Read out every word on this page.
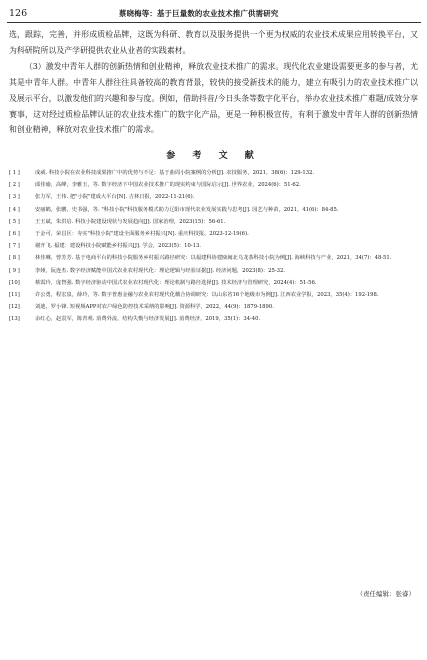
126	蔡晓梅等：基于巨量数的农业技术推广供需研究

选，跟踪，完善，并形成质检品牌，这既为科研、教育以及服务提供一个更为权威的农业技术成果应用转换平台，又为科研院所以及产学研提供农业从业者的实践素材。

（3）激发中青年人群的创新热情和创业精神，释放农业技术推广的需求。现代化农业建设需要更多的参与者，尤其是中青年人群。中青年人群往往具备较高的教育背景，较快的接受新技术的能力，建立有吸引力的农业技术推广以及展示平台，以激发他们的兴趣和参与度。例如，借助抖音/今日头条等数字化平台，举办农业技术推广难题/成效分享赛事，这对经过质检品牌认证的农业技术推广的数字化产品，更是一种积极宣传，有利于激发中青年人群的创新热情和创业精神，释放对农业技术推广的需求。

参 考 文 献
[ 1 ]	成威. 科技小院在农业科技成果推广中的优势与不足：基于曲周小院案例的分析[J]. 农技服务，2021，38(6)：129-132.
[ 2 ]	邱佳瑜，高峰，李雅玉，等. 数字经济下中国农业技术推广的现实约束与国际启示[J]. 世界农业，2024(6)：51-62.
[ 3 ]	张力军，王伟. 把"小院"建成大平台[N]. 吉林日报，2022-11-21(6).
[ 4 ]	安丽鹤，张鹏，史书强，等. "科技小院"科技服务模式助力辽阳市现代农业发展实践与思考[J]. 园艺与种苗，2021，41(6)：84-85.
[ 5 ]	王玉斌，朱洪启. 科技小院建设现状与发展趋向[J]. 国家治理，2023(15)：56-61.
[ 6 ]	于金可，荣昌区：夯实"科技小院"建设全面服务乡村振兴[N]. 重庆科技报，2023-12-19(6).
[ 7 ]	谢开飞. 福建：建设科技小院赋能乡村振兴[J]. 学会，2023(5)：10-13.
[ 8 ]	林佳琳，曾芳芳. 基于电商平台的科技小院服务乡村振兴路径研究：以福建科协建瓯闽北乌龙茶科技小院为例[J]. 海峡科技与产业，2021，34(7)：48-51.
[ 9 ]	李娅，阮连杰. 数字经济赋能中国式农业农村现代化：理论逻辑与经验证据[J]. 经济问题，2023(8)：25-32.
[10]	蔡霞玲，庞智强. 数字经济驱动中国式农业农村现代化：理论机制与路径选择[J]. 技术经济与管理研究，2024(4)：51-56.
[11]	许公勇，程宏泉，薛玲，等. 数字普惠金融与农业农村现代化耦合协调研究：以山东省16个地级市为例[J]. 江西农业学报，2023，35(4)：192-198.
[12]	刘迪，罗小锋. 短视频APP对农户绿色防控技术采纳的影响[J]. 资源科学，2022，44(9)：1879-1890.
[13]	余红心，赵袁军，陈青观. 消费外流、结构失衡与经济发展[J]. 消费经济，2019，35(1)：34-40.
（责任编辑：张睿）
